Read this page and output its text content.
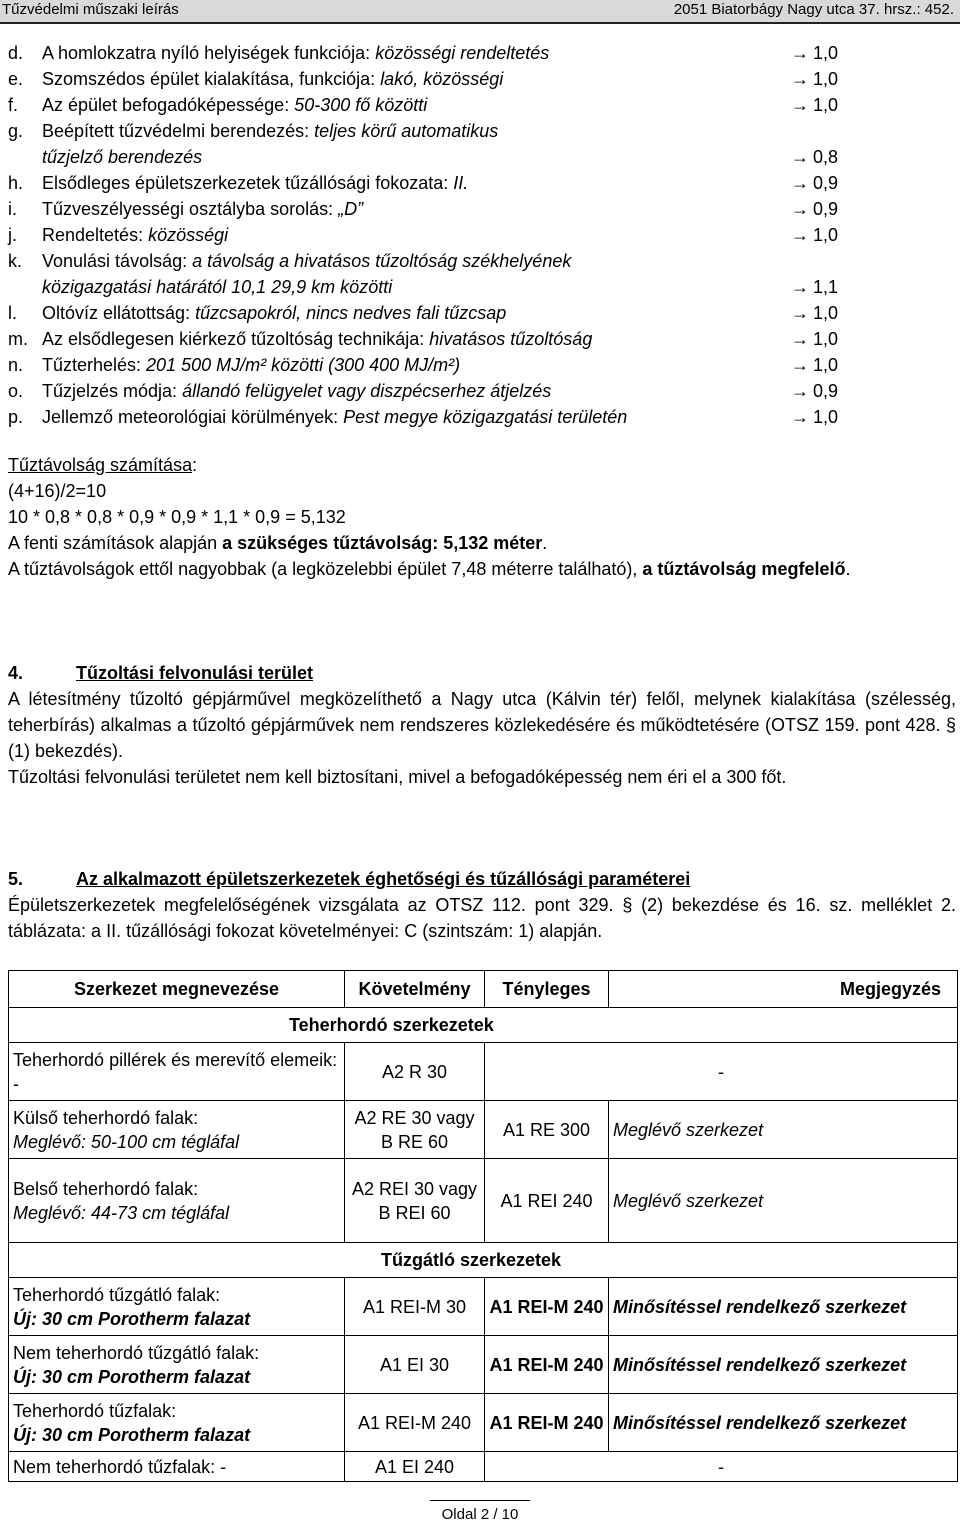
Tűzvédelmi műszaki leírás	2051 Biatorbágy Nagy utca 37. hrsz.: 452.
d. A homlokzatra nyíló helyiségek funkciója: közösségi rendeltetés	→ 1,0
e. Szomszédos épület kialakítása, funkciója: lakó, közösségi	→ 1,0
f. Az épület befogadóképessége: 50-300 fő közötti	→ 1,0
g. Beépített tűzvédelmi berendezés: teljes körű automatikus
tűzjelző berendezés	→ 0,8
h. Elsődleges épületszerkezetek tűzállósági fokozata: II.	→ 0,9
i. Tűzveszélyességi osztályba sorolás: „D”	→ 0,9
j. Rendeltetés: közösségi	→ 1,0
k. Vonulási távolság: a távolság a hivatásos tűzoltóság székhelyének
közigazgatási határától 10,1 29,9 km közötti	→ 1,1
l. Oltóvíz ellátottság: tűzcsapokról, nincs nedves fali tűzcsap	→ 1,0
m. Az elsődlegesen kiérkező tűzoltóság technikája: hivatásos tűzoltóság	→ 1,0
n. Tűzterhelés: 201 500 MJ/m² közötti (300 400 MJ/m²)	→ 1,0
o. Tűzjelzés módja: állandó felügyelet vagy diszpécserhez átjelzés	→ 0,9
p. Jellemző meteorológiai körülmények: Pest megye közigazgatási területén	→ 1,0
Tűztávolság számítása:
(4+16)/2=10
10 * 0,8 * 0,8 * 0,9 * 0,9 * 1,1 * 0,9 = 5,132
A fenti számítások alapján a szükséges tűztávolság: 5,132 méter.
A tűztávolságok ettől nagyobbak (a legközelebbi épület 7,48 méterre található), a tűztávolság megfelelő.
4.	Tűzoltási felvonulási terület
A létesítmény tűzoltó gépjárművel megközelíthető a Nagy utca (Kálvin tér) felől, melynek kialakítása (szélesség, teherbírás) alkalmas a tűzoltó gépjárművek nem rendszeres közlekedésére és működtetésére (OTSZ 159. pont 428. § (1) bekezdés).
Tűzoltási felvonulási területet nem kell biztosítani, mivel a befogadóképesség nem éri el a 300 főt.
5.	Az alkalmazott épületszerkezetek éghetőségi és tűzállósági paraméterei
Épületszerkezetek megfelelőségének vizsgálata az OTSZ 112. pont 329. § (2) bekezdése és 16. sz. melléklet 2. táblázata: a II. tűzállósági fokozat követelményei: C (szintszám: 1) alapján.
Szerkezet megnevezése	Követelmény	Tényleges	Megjegyzés
Teherhordó szerkezetek			
Teherhordó pillérek és merevítő elemeik: -	A2 R 30	-	

Külső teherhordó falak:
Meglévő: 50-100 cm tégláfal	A2 RE 30 vagy B RE 60	A1 RE 300	Meglévő szerkezet

Belső teherhordó falak:
Meglévő: 44-73 cm tégláfal	A2 REI 30 vagy B REI 60	A1 REI 240	Meglévő szerkezet
Tűzgátló szerkezetek			

Teherhordó tűzgátló falak:
Új: 30 cm Porotherm falazat	A1 REI-M 30	A1 REI-M 240	Minősítéssel rendelkező szerkezet

Nem teherhordó tűzgátló falak:
Új: 30 cm Porotherm falazat	A1 EI 30	A1 REI-M 240	Minősítéssel rendelkező szerkezet

Teherhordó tűzfalak:
Új: 30 cm Porotherm falazat	A1 REI-M 240	A1 REI-M 240	Minősítéssel rendelkező szerkezet
Nem teherhordó tűzfalak: -	A1 EI 240	-	
Oldal 2 / 10
